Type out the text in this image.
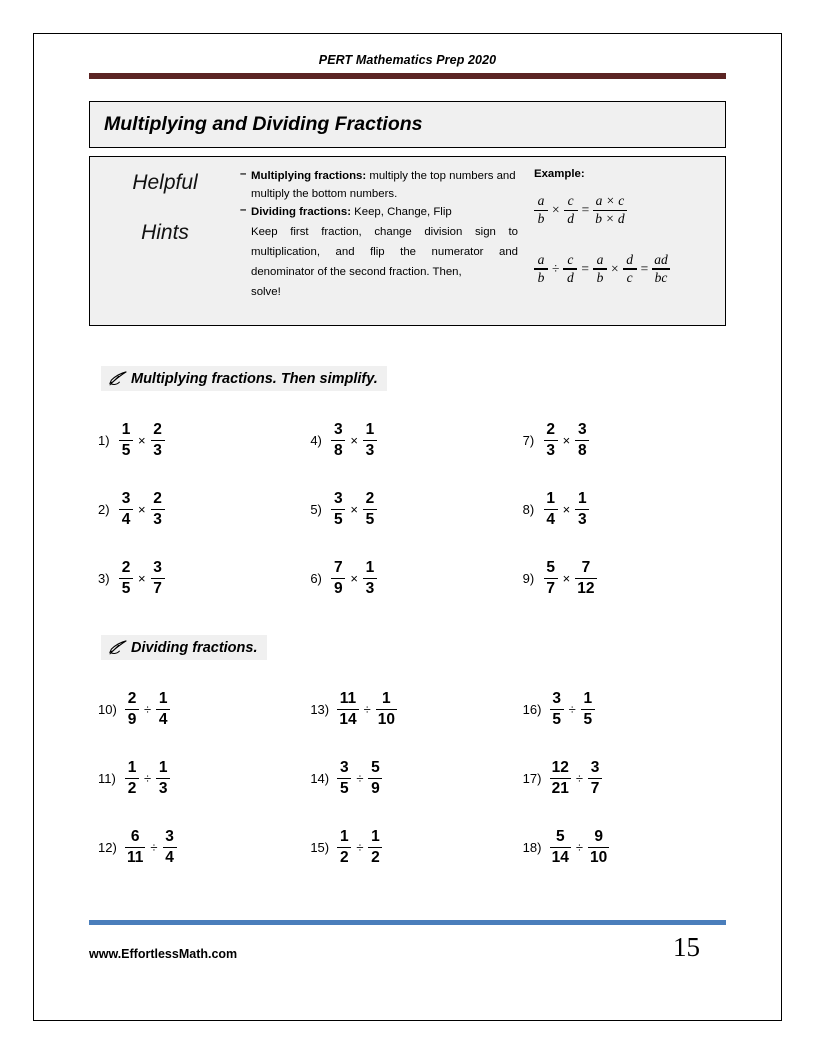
PERT Mathematics Prep 2020
Multiplying and Dividing Fractions
Helpful
Hints
– Multiplying fractions: multiply the top numbers and multiply the bottom numbers.
– Dividing fractions: Keep, Change, Flip
Keep first fraction, change division sign to multiplication, and flip the numerator and denominator of the second fraction. Then,
solve!
Example:
$\frac{a}{b} \times \frac{c}{d} = \frac{a \times c}{b \times d}$

$\frac{a}{b} \div \frac{c}{d} = \frac{a}{b} \times \frac{d}{c} = \frac{ad}{bc}$
Multiplying fractions. Then simplify.
$1) \frac{1}{5} \times \frac{2}{3}$	$4) \frac{3}{8} \times \frac{1}{3}$	$7) \frac{2}{3} \times \frac{3}{8}$
$2) \frac{3}{4} \times \frac{2}{3}$	$5) \frac{3}{5} \times \frac{2}{5}$	$8) \frac{1}{4} \times \frac{1}{3}$
$3) \frac{2}{5} \times \frac{3}{7}$	$6) \frac{7}{9} \times \frac{1}{3}$	$9) \frac{5}{7} \times \frac{7}{12}$
Dividing fractions.
$10) \frac{2}{9} \div \frac{1}{4}$	$13) \frac{11}{14} \div \frac{1}{10}$	$16) \frac{3}{5} \div \frac{1}{5}$
$11) \frac{1}{2} \div \frac{1}{3}$	$14) \frac{3}{5} \div \frac{5}{9}$	$17) \frac{12}{21} \div \frac{3}{7}$
$12) \frac{6}{11} \div \frac{3}{4}$	$15) \frac{1}{2} \div \frac{1}{2}$	$18) \frac{5}{14} \div \frac{9}{10}$
www.EffortlessMath.com	15
